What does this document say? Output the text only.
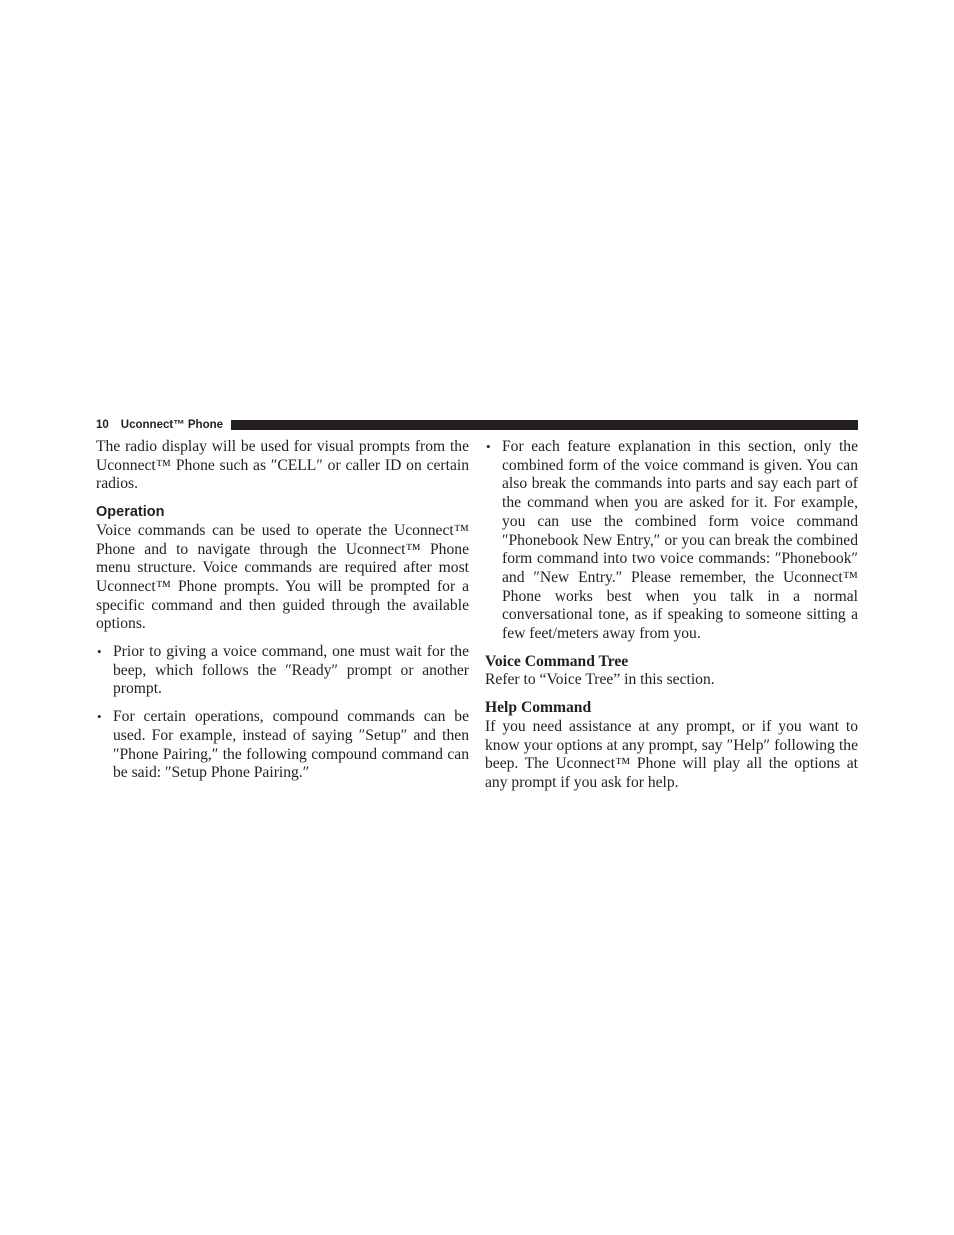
10 Uconnect™ Phone

The radio display will be used for visual prompts from the Uconnect™ Phone such as ″CELL″ or caller ID on certain radios.

Operation

Voice commands can be used to operate the Uconnect™ Phone and to navigate through the Uconnect™ Phone menu structure. Voice commands are required after most Uconnect™ Phone prompts. You will be prompted for a specific command and then guided through the available options.

• Prior to giving a voice command, one must wait for the beep, which follows the ″Ready″ prompt or another prompt.
• For certain operations, compound commands can be used. For example, instead of saying ″Setup″ and then ″Phone Pairing,″ the following compound command can be said: ″Setup Phone Pairing.″
• For each feature explanation in this section, only the combined form of the voice command is given. You can also break the commands into parts and say each part of the command when you are asked for it. For example, you can use the combined form voice command ″Phonebook New Entry,″ or you can break the combined form command into two voice commands: ″Phonebook″ and ″New Entry.″ Please remember, the Uconnect™ Phone works best when you talk in a normal conversational tone, as if speaking to someone sitting a few feet/meters away from you.
Voice Command Tree

Refer to “Voice Tree” in this section.

Help Command

If you need assistance at any prompt, or if you want to know your options at any prompt, say ″Help″ following the beep. The Uconnect™ Phone will play all the options at any prompt if you ask for help.
